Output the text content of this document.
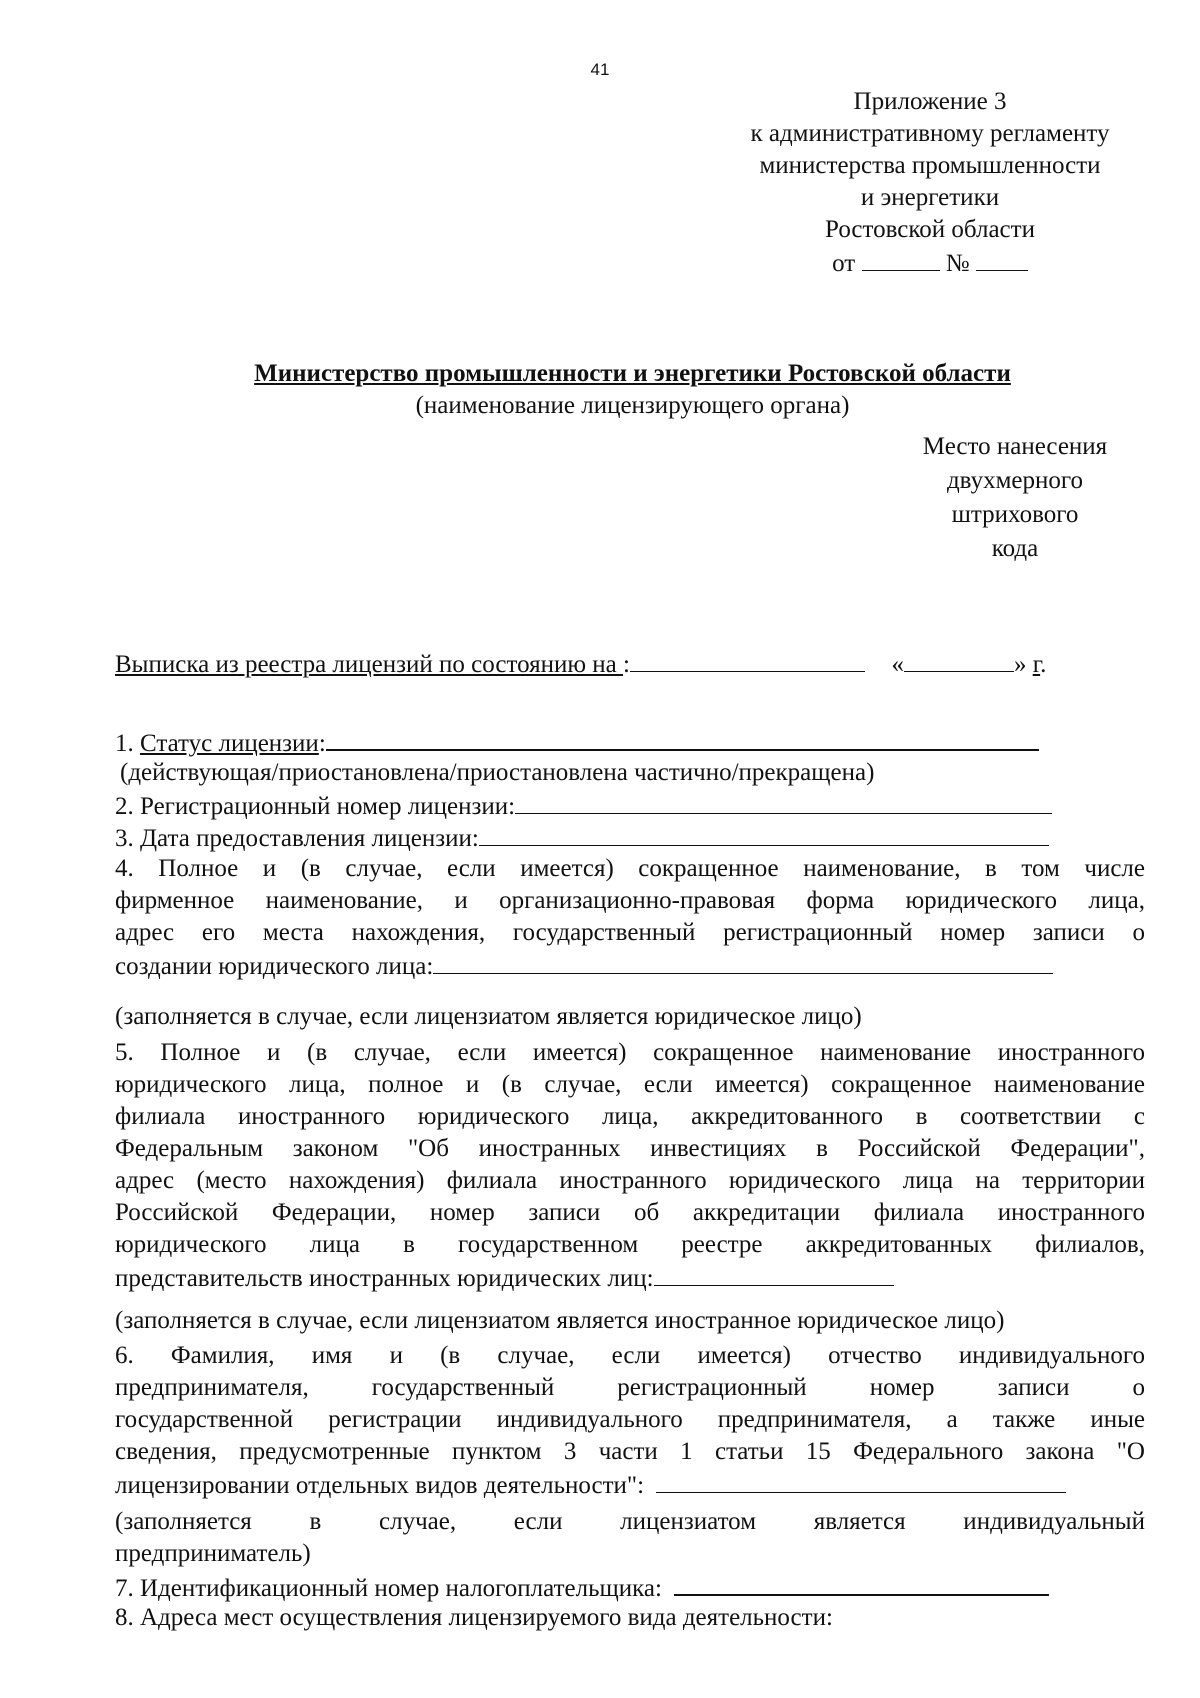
41
Приложение 3
к административному регламенту
министерства промышленности
и энергетики
Ростовской области
от	№
Министерство промышленности и энергетики Ростовской области
(наименование лицензирующего органа)
Место нанесения
двухмерного
штрихового
кода
Выписка из реестра лицензий по состоянию на :	«	» г.
1. Статус лицензии:
(действующая/приостановлена/приостановлена частично/прекращена)
2. Регистрационный номер лицензии:
3. Дата предоставления лицензии:
4. Полное и (в случае, если имеется) сокращенное наименование, в том числе
фирменное наименование, и организационно-правовая форма юридического лица,
адрес его места нахождения, государственный регистрационный номер записи о
создании юридического лица:
(заполняется в случае, если лицензиатом является юридическое лицо)
5. Полное и (в случае, если имеется) сокращенное наименование иностранного
юридического лица, полное и (в случае, если имеется) сокращенное наименование
филиала иностранного юридического лица, аккредитованного в соответствии с
Федеральным законом "Об иностранных инвестициях в Российской Федерации",
адрес (место нахождения) филиала иностранного юридического лица на территории
Российской Федерации, номер записи об аккредитации филиала иностранного
юридического лица в государственном реестре аккредитованных филиалов,
представительств иностранных юридических лиц:
(заполняется в случае, если лицензиатом является иностранное юридическое лицо)
6. Фамилия, имя и (в случае, если имеется) отчество индивидуального
предпринимателя, государственный регистрационный номер записи о
государственной регистрации индивидуального предпринимателя, а также иные
сведения, предусмотренные пунктом 3 части 1 статьи 15 Федерального закона "О
лицензировании отдельных видов деятельности":
(заполняется в случае, если лицензиатом является индивидуальный
предприниматель)
7. Идентификационный номер налогоплательщика:
8. Адреса мест осуществления лицензируемого вида деятельности:
